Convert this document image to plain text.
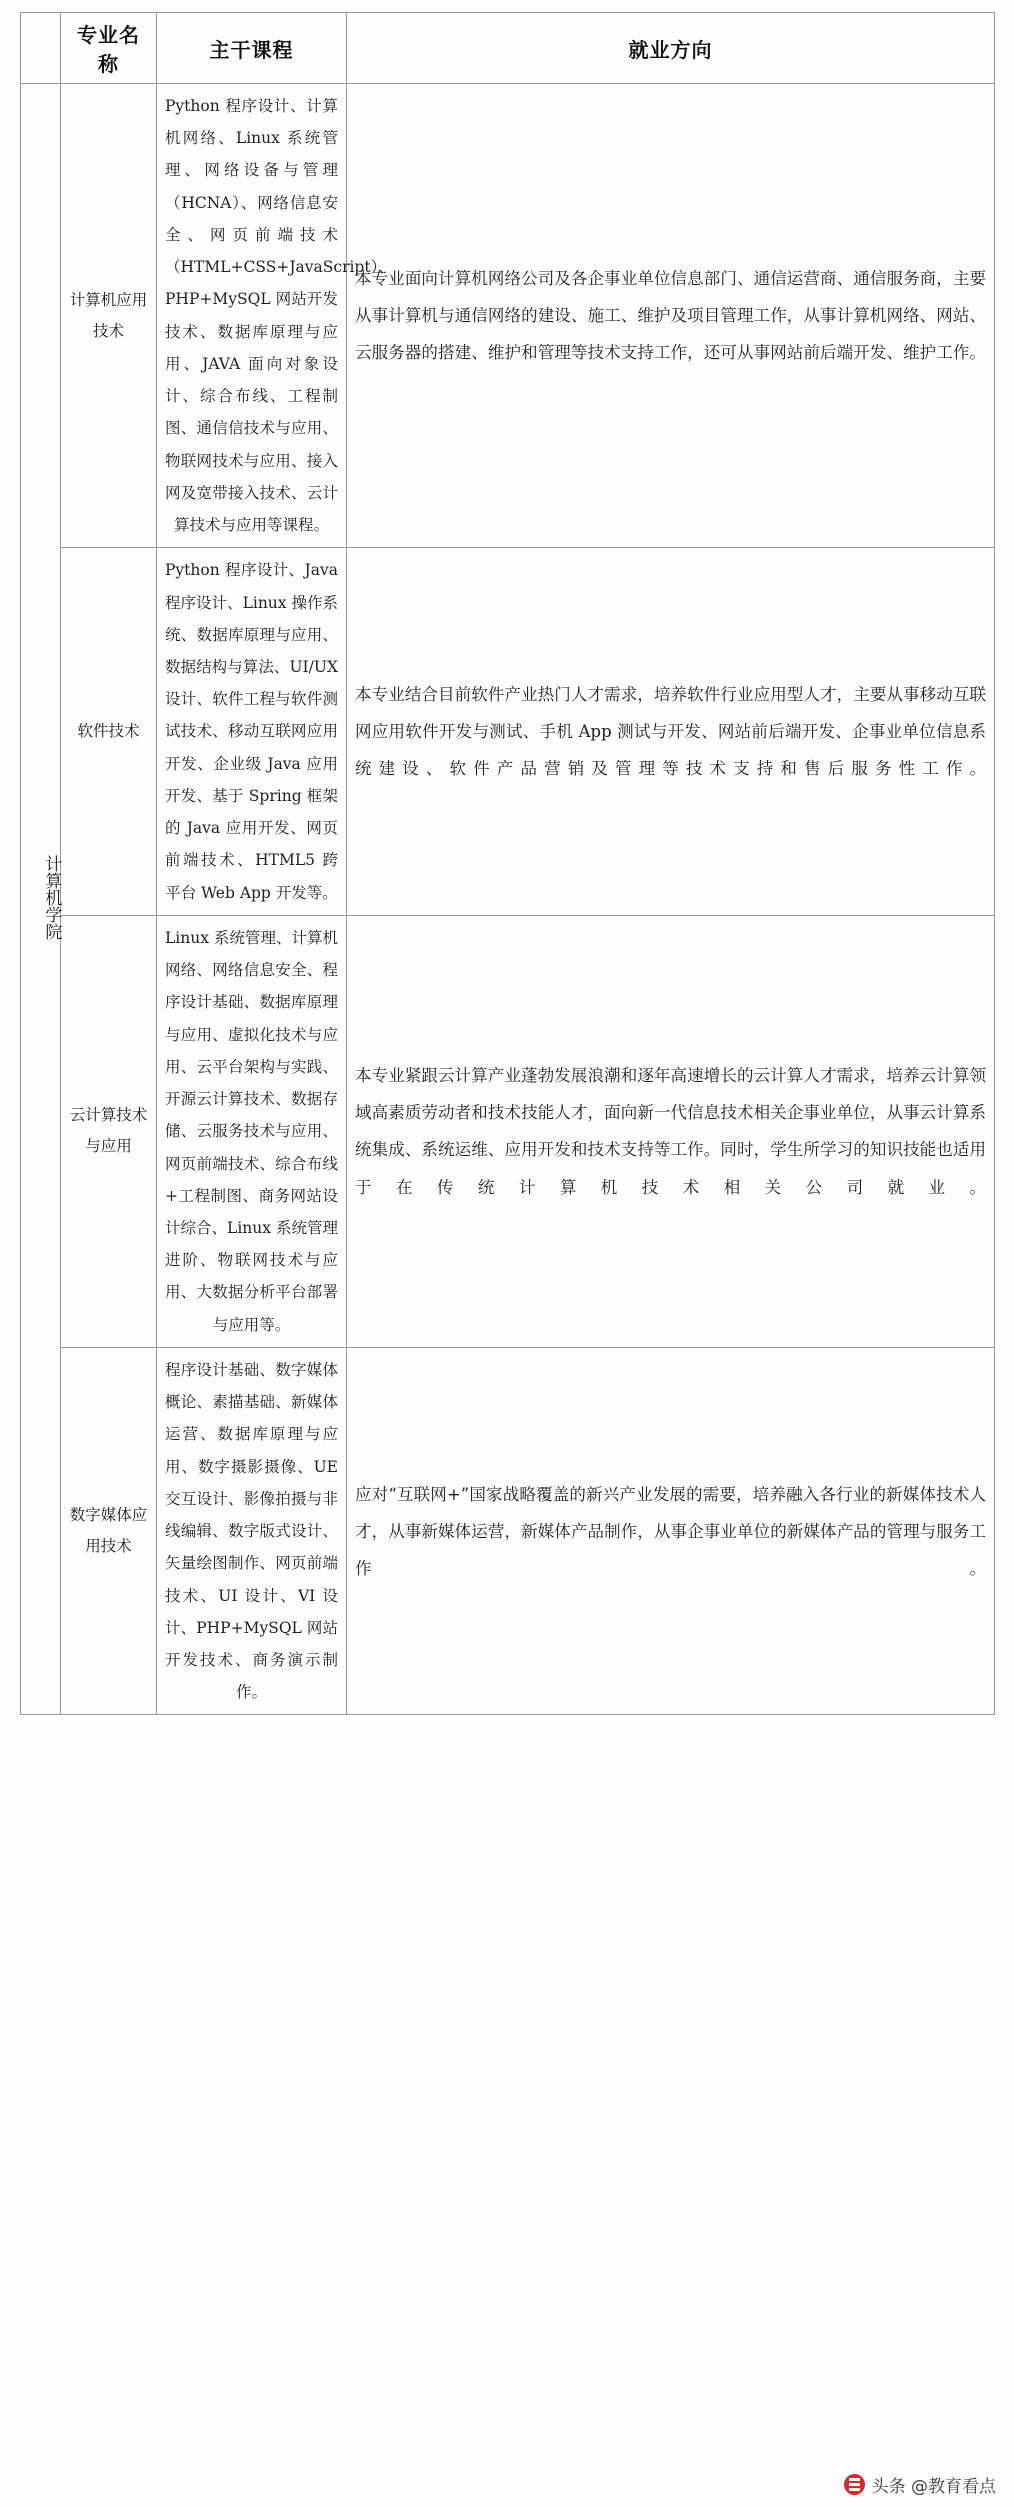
	专业名称	主干课程	就业方向
计算机学院	计算机应用技术	Python 程序设计、计算机网络、Linux 系统管理、网络设备与管理（HCNA）、网络信息安全、网页前端技术（HTML+CSS+JavaScript）、PHP+MySQL 网站开发技术、数据库原理与应用、JAVA 面向对象设计、综合布线、工程制图、通信信技术与应用、物联网技术与应用、接入网及宽带接入技术、云计算技术与应用等课程。	本专业面向计算机网络公司及各企事业单位信息部门、通信运营商、通信服务商，主要从事计算机与通信网络的建设、施工、维护及项目管理工作，从事计算机网络、网站、云服务器的搭建、维护和管理等技术支持工作，还可从事网站前后端开发、维护工作。
	软件技术	Python 程序设计、Java 程序设计、Linux 操作系统、数据库原理与应用、数据结构与算法、UI/UX 设计、软件工程与软件测试技术、移动互联网应用开发、企业级 Java 应用开发、基于 Spring 框架的 Java 应用开发、网页前端技术、HTML5 跨平台 Web App 开发等。	本专业结合目前软件产业热门人才需求，培养软件行业应用型人才，主要从事移动互联网应用软件开发与测试、手机 App 测试与开发、网站前后端开发、企事业单位信息系统建设、软件产品营销及管理等技术支持和售后服务性工作。
	云计算技术与应用	Linux 系统管理、计算机网络、网络信息安全、程序设计基础、数据库原理与应用、虚拟化技术与应用、云平台架构与实践、开源云计算技术、数据存储、云服务技术与应用、网页前端技术、综合布线+工程制图、商务网站设计综合、Linux 系统管理进阶、物联网技术与应用、大数据分析平台部署与应用等。	本专业紧跟云计算产业蓬勃发展浪潮和逐年高速增长的云计算人才需求，培养云计算领域高素质劳动者和技术技能人才，面向新一代信息技术相关企事业单位，从事云计算系统集成、系统运维、应用开发和技术支持等工作。同时，学生所学习的知识技能也适用于在传统计算机技术相关公司就业。
	数字媒体应用技术	程序设计基础、数字媒体概论、素描基础、新媒体运营、数据库原理与应用、数字摄影摄像、UE 交互设计、影像拍摄与非线编辑、数字版式设计、矢量绘图制作、网页前端技术、UI 设计、VI 设计、PHP+MySQL 网站开发技术、商务演示制作。	应对“互联网+”国家战略覆盖的新兴产业发展的需要，培养融入各行业的新媒体技术人才，从事新媒体运营，新媒体产品制作，从事企事业单位的新媒体产品的管理与服务工作。
头条 @教育看点
